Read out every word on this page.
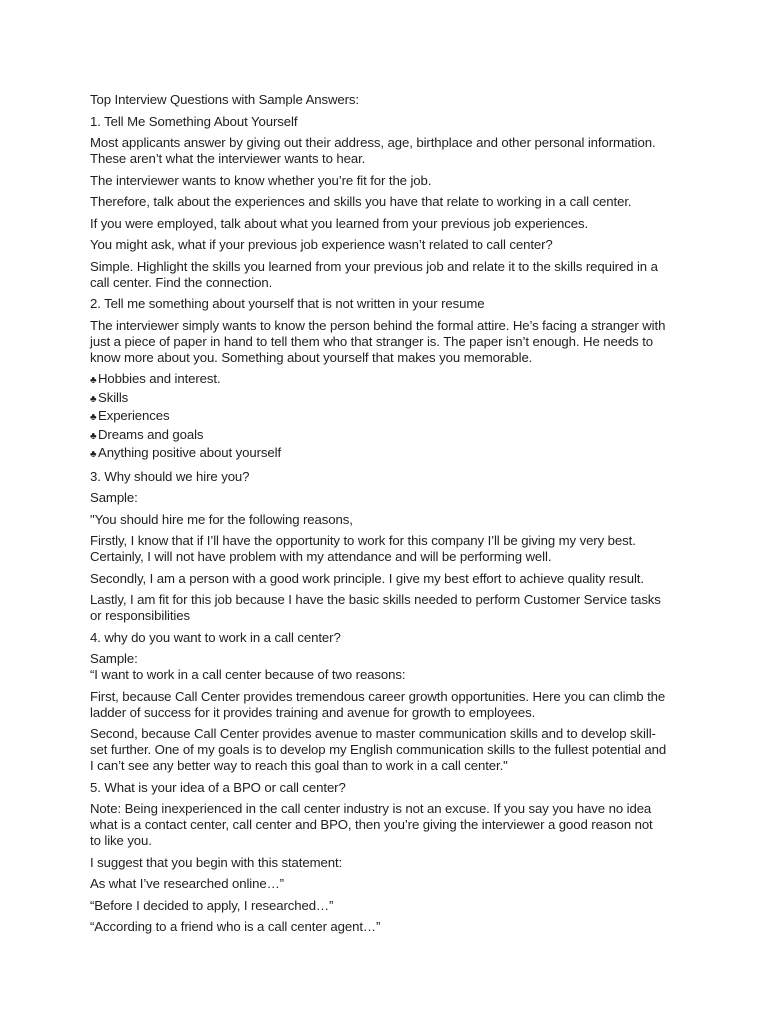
Top Interview Questions with Sample Answers:
1. Tell Me Something About Yourself
Most applicants answer by giving out their address, age, birthplace and other personal information.
These aren’t what the interviewer wants to hear.
The interviewer wants to know whether you’re fit for the job.
Therefore, talk about the experiences and skills you have that relate to working in a call center.
If you were employed, talk about what you learned from your previous job experiences.
You might ask, what if your previous job experience wasn’t related to call center?
Simple. Highlight the skills you learned from your previous job and relate it to the skills required in a
call center. Find the connection.
2. Tell me something about yourself that is not written in your resume
The interviewer simply wants to know the person behind the formal attire. He’s facing a stranger with
just a piece of paper in hand to tell them who that stranger is. The paper isn’t enough. He needs to
know more about you. Something about yourself that makes you memorable.
♣ Hobbies and interest.
♣ Skills
♣ Experiences
♣ Dreams and goals
♣ Anything positive about yourself
3. Why should we hire you?
Sample:
"You should hire me for the following reasons,
Firstly, I know that if I’ll have the opportunity to work for this company I’ll be giving my very best.
Certainly, I will not have problem with my attendance and will be performing well.
Secondly, I am a person with a good work principle. I give my best effort to achieve quality result.
Lastly, I am fit for this job because I have the basic skills needed to perform Customer Service tasks
or responsibilities
4. why do you want to work in a call center?
Sample:
“I want to work in a call center because of two reasons:
First, because Call Center provides tremendous career growth opportunities. Here you can climb the
ladder of success for it provides training and avenue for growth to employees.
Second, because Call Center provides avenue to master communication skills and to develop skill-
set further. One of my goals is to develop my English communication skills to the fullest potential and
I can’t see any better way to reach this goal than to work in a call center."
5. What is your idea of a BPO or call center?
Note: Being inexperienced in the call center industry is not an excuse. If you say you have no idea
what is a contact center, call center and BPO, then you’re giving the interviewer a good reason not
to like you.
I suggest that you begin with this statement:
As what I’ve researched online…”
“Before I decided to apply, I researched…”
“According to a friend who is a call center agent…”
